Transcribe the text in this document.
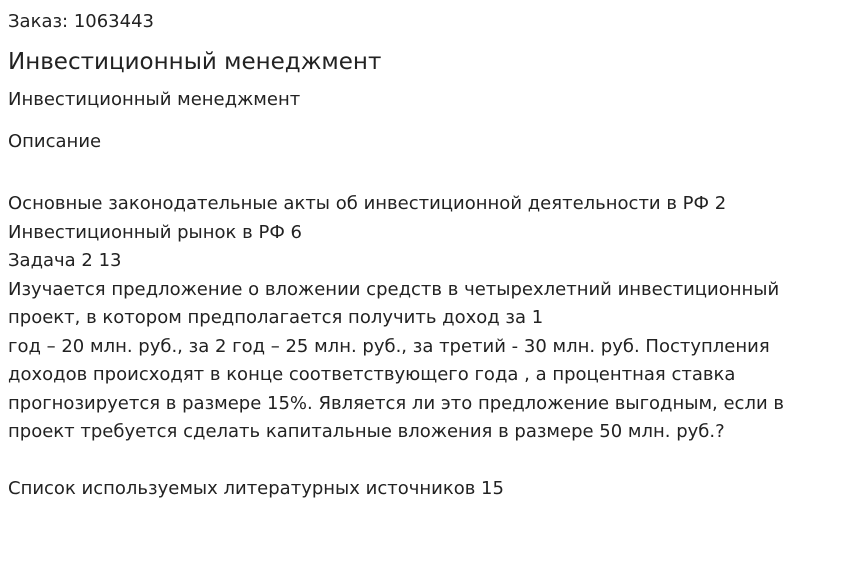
Заказ: 1063443
Инвестиционный менеджмент
Инвестиционный менеджмент
Описание
Основные законодательные акты об инвестиционной деятельности в РФ 2
Инвестиционный рынок в РФ 6
Задача 2 13
Изучается предложение о вложении средств в четырехлетний инвестиционный
проект, в котором предполагается получить доход за 1
год – 20 млн. руб., за 2 год – 25 млн. руб., за третий - 30 млн. руб. Поступления
доходов происходят в конце соответствующего года , а процентная ставка
прогнозируется в размере 15%. Является ли это предложение выгодным, если в
проект требуется сделать капитальные вложения в размере 50 млн. руб.?
Список используемых литературных источников 15
